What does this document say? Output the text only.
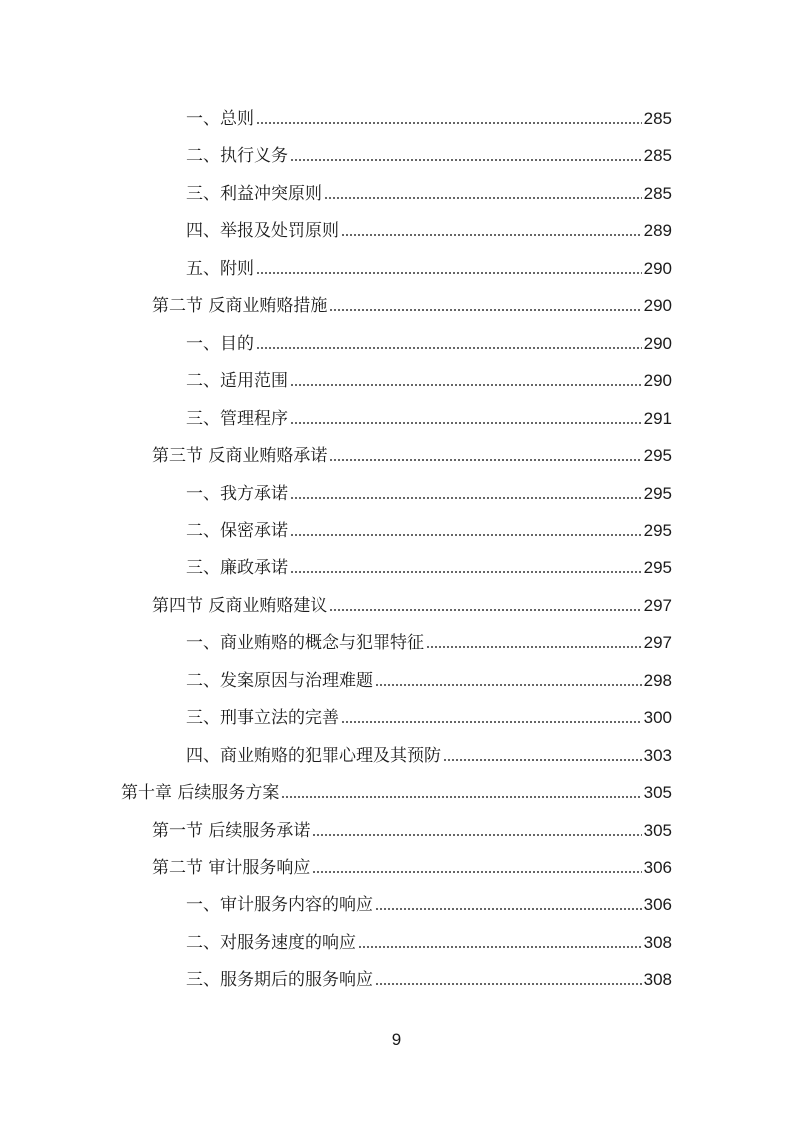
一、总则	285
二、执行义务	285
三、利益冲突原则	285
四、举报及处罚原则	289
五、附则	290
第二节 反商业贿赂措施	290
一、目的	290
二、适用范围	290
三、管理程序	291
第三节 反商业贿赂承诺	295
一、我方承诺	295
二、保密承诺	295
三、廉政承诺	295
第四节 反商业贿赂建议	297
一、商业贿赂的概念与犯罪特征	297
二、发案原因与治理难题	298
三、刑事立法的完善	300
四、商业贿赂的犯罪心理及其预防	303
第十章 后续服务方案	305
第一节 后续服务承诺	305
第二节 审计服务响应	306
一、审计服务内容的响应	306
二、对服务速度的响应	308
三、服务期后的服务响应	308
9
